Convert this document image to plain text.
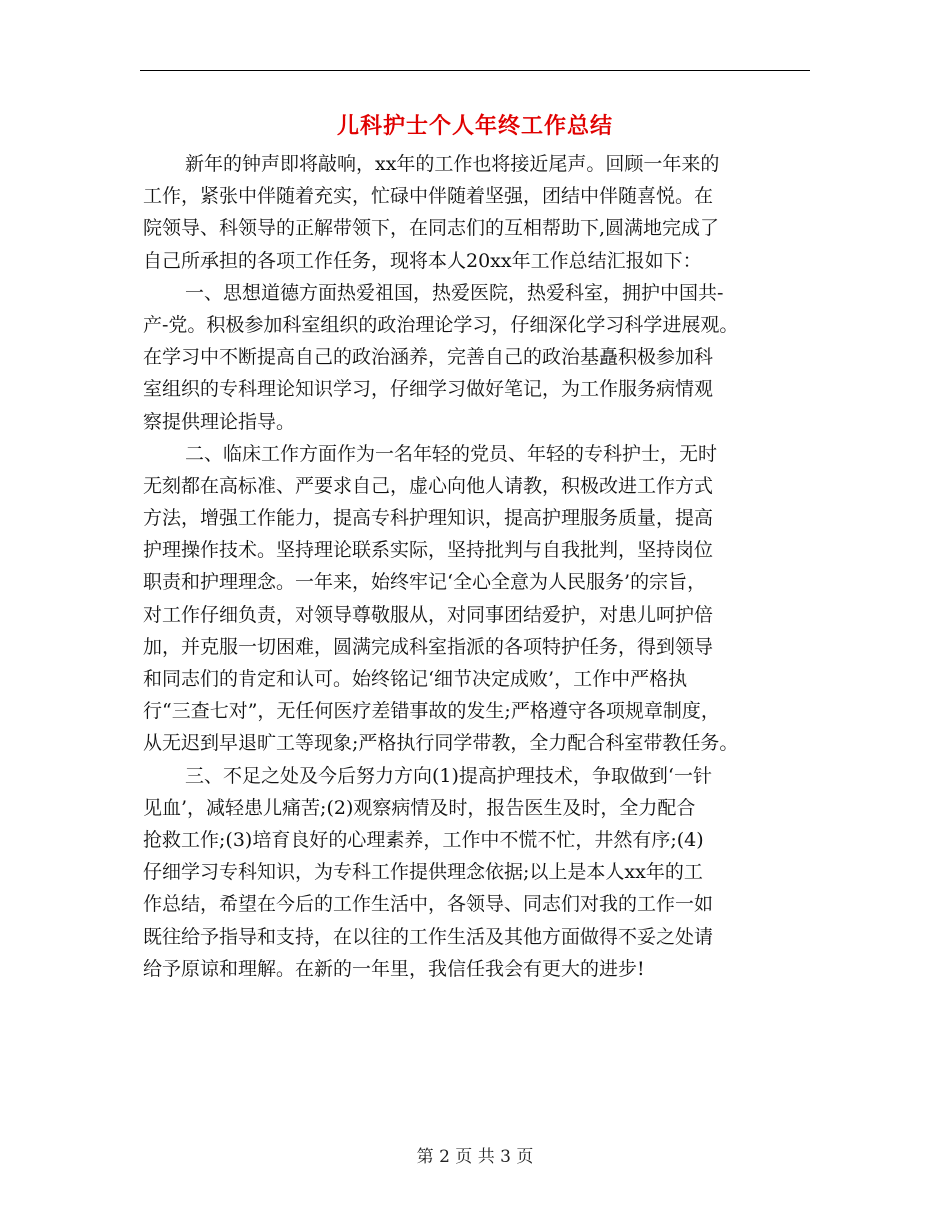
儿科护士个人年终工作总结
新年的钟声即将敲响，xx年的工作也将接近尾声。回顾一年来的
工作，紧张中伴随着充实，忙碌中伴随着坚强，团结中伴随喜悦。在
院领导、科领导的正解带领下，在同志们的互相帮助下,圆满地完成了
自己所承担的各项工作任务，现将本人20xx年工作总结汇报如下：
一、思想道德方面热爱祖国，热爱医院，热爱科室，拥护中国共-
产-党。积极参加科室组织的政治理论学习，仔细深化学习科学进展观。
在学习中不断提高自己的政治涵养，完善自己的政治基矗积极参加科
室组织的专科理论知识学习，仔细学习做好笔记，为工作服务病情观
察提供理论指导。
二、临床工作方面作为一名年轻的党员、年轻的专科护士，无时
无刻都在高标准、严要求自己，虚心向他人请教，积极改进工作方式
方法，增强工作能力，提高专科护理知识，提高护理服务质量，提高
护理操作技术。坚持理论联系实际，坚持批判与自我批判，坚持岗位
职责和护理理念。一年来，始终牢记‘全心全意为人民服务’的宗旨，
对工作仔细负责，对领导尊敬服从，对同事团结爱护，对患儿呵护倍
加，并克服一切困难，圆满完成科室指派的各项特护任务，得到领导
和同志们的肯定和认可。始终铭记‘细节决定成败’，工作中严格执
行“三查七对”，无任何医疗差错事故的发生;严格遵守各项规章制度，
从无迟到早退旷工等现象;严格执行同学带教，全力配合科室带教任务。
三、不足之处及今后努力方向(1)提高护理技术，争取做到‘一针
见血’，减轻患儿痛苦;(2)观察病情及时，报告医生及时，全力配合
抢救工作;(3)培育良好的心理素养，工作中不慌不忙，井然有序;(4)
仔细学习专科知识，为专科工作提供理念依据;以上是本人xx年的工
作总结，希望在今后的工作生活中，各领导、同志们对我的工作一如
既往给予指导和支持，在以往的工作生活及其他方面做得不妥之处请
给予原谅和理解。在新的一年里，我信任我会有更大的进步!
第 2 页 共 3 页
